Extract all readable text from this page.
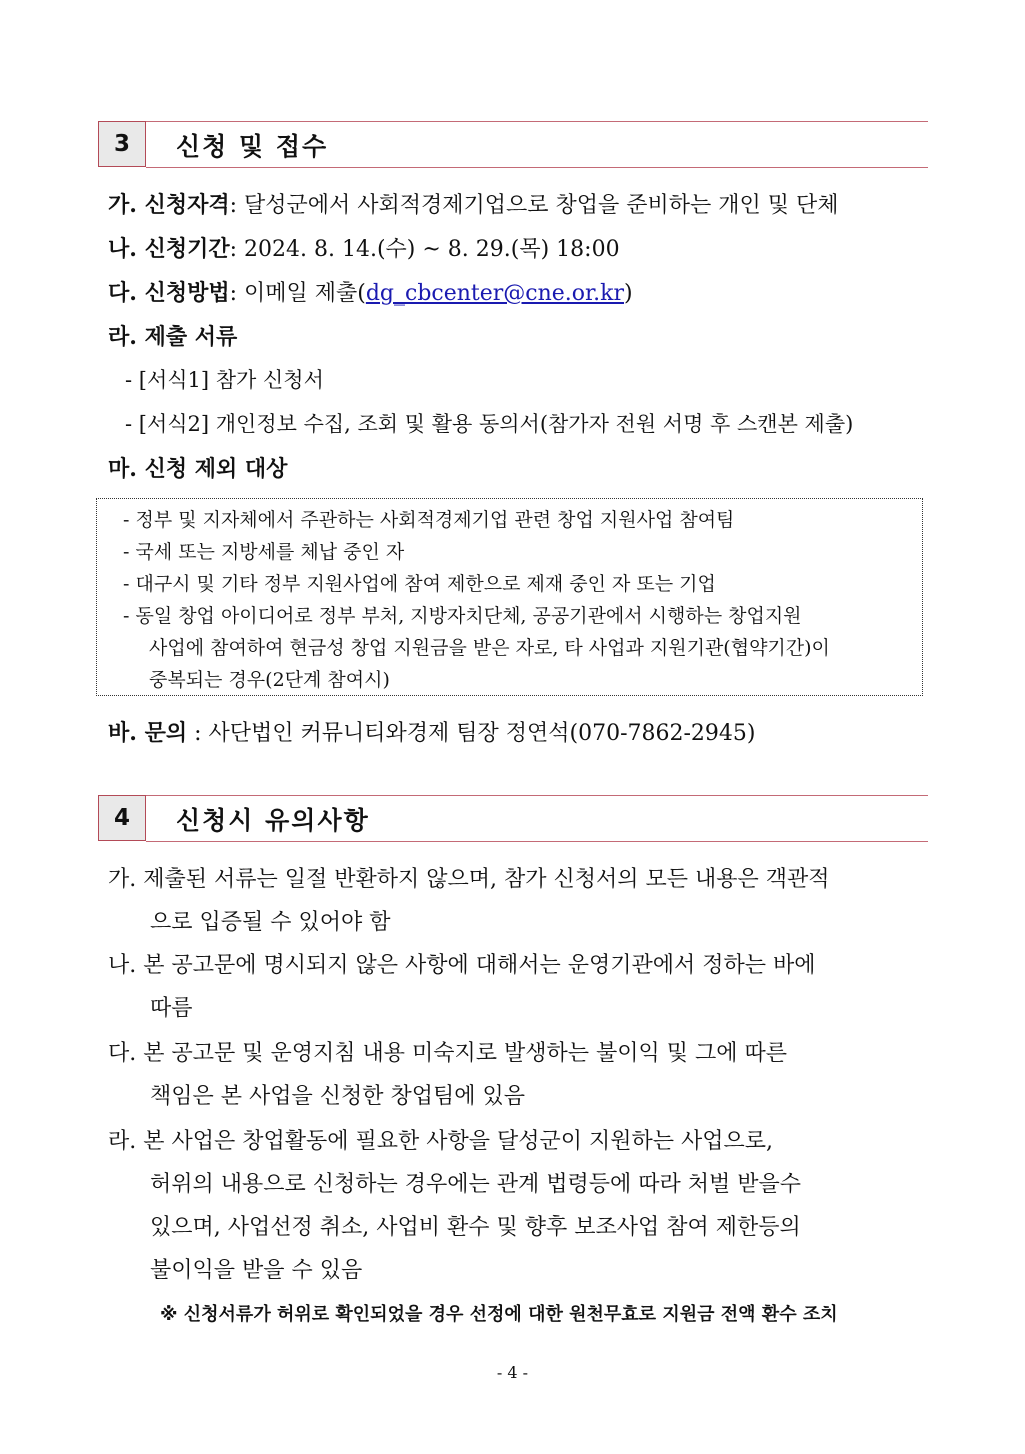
3	신청 및 접수
가. 신청자격: 달성군에서 사회적경제기업으로 창업을 준비하는 개인 및 단체
나. 신청기간: 2024. 8. 14.(수) ~ 8. 29.(목) 18:00
다. 신청방법: 이메일 제출(dg_cbcenter@cne.or.kr)
라. 제출 서류
- [서식1] 참가 신청서
- [서식2] 개인정보 수집, 조회 및 활용 동의서(참가자 전원 서명 후 스캔본 제출)
마. 신청 제외 대상
- 정부 및 지자체에서 주관하는 사회적경제기업 관련 창업 지원사업 참여팀
- 국세 또는 지방세를 체납 중인 자
- 대구시 및 기타 정부 지원사업에 참여 제한으로 제재 중인 자 또는 기업
- 동일 창업 아이디어로 정부 부처, 지방자치단체, 공공기관에서 시행하는 창업지원
사업에 참여하여 현금성 창업 지원금을 받은 자로, 타 사업과 지원기관(협약기간)이
중복되는 경우(2단계 참여시)
바. 문의 : 사단법인 커뮤니티와경제 팀장 정연석(070-7862-2945)
4	신청시 유의사항
가. 제출된 서류는 일절 반환하지 않으며, 참가 신청서의 모든 내용은 객관적
으로 입증될 수 있어야 함
나. 본 공고문에 명시되지 않은 사항에 대해서는 운영기관에서 정하는 바에
따름
다. 본 공고문 및 운영지침 내용 미숙지로 발생하는 불이익 및 그에 따른
책임은 본 사업을 신청한 창업팀에 있음
라. 본 사업은 창업활동에 필요한 사항을 달성군이 지원하는 사업으로,
허위의 내용으로 신청하는 경우에는 관계 법령등에 따라 처벌 받을수
있으며, 사업선정 취소, 사업비 환수 및 향후 보조사업 참여 제한등의
불이익을 받을 수 있음
※ 신청서류가 허위로 확인되었을 경우 선정에 대한 원천무효로 지원금 전액 환수 조치
- 4 -
